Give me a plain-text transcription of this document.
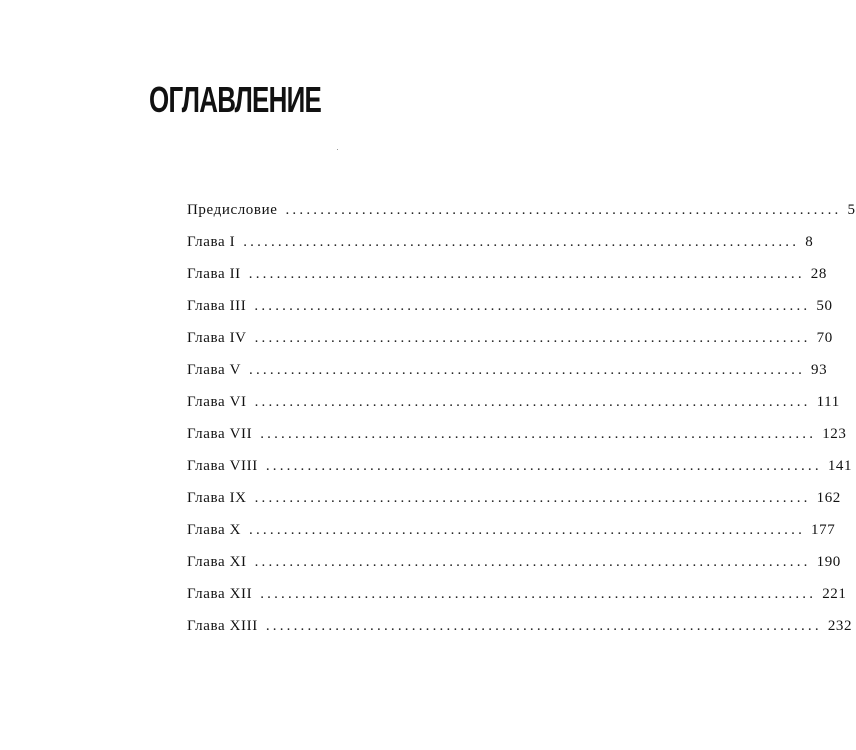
ОГЛАВЛЕНИЕ
Предисловие ................................................................................ 5
Глава I ................................................................................ 8
Глава II ................................................................................ 28
Глава III ................................................................................ 50
Глава IV ................................................................................ 70
Глава V ................................................................................ 93
Глава VI ................................................................................ 111
Глава VII ................................................................................ 123
Глава VIII ................................................................................ 141
Глава IX ................................................................................ 162
Глава X ................................................................................ 177
Глава XI ................................................................................ 190
Глава XII ................................................................................ 221
Глава XIII ................................................................................ 232
